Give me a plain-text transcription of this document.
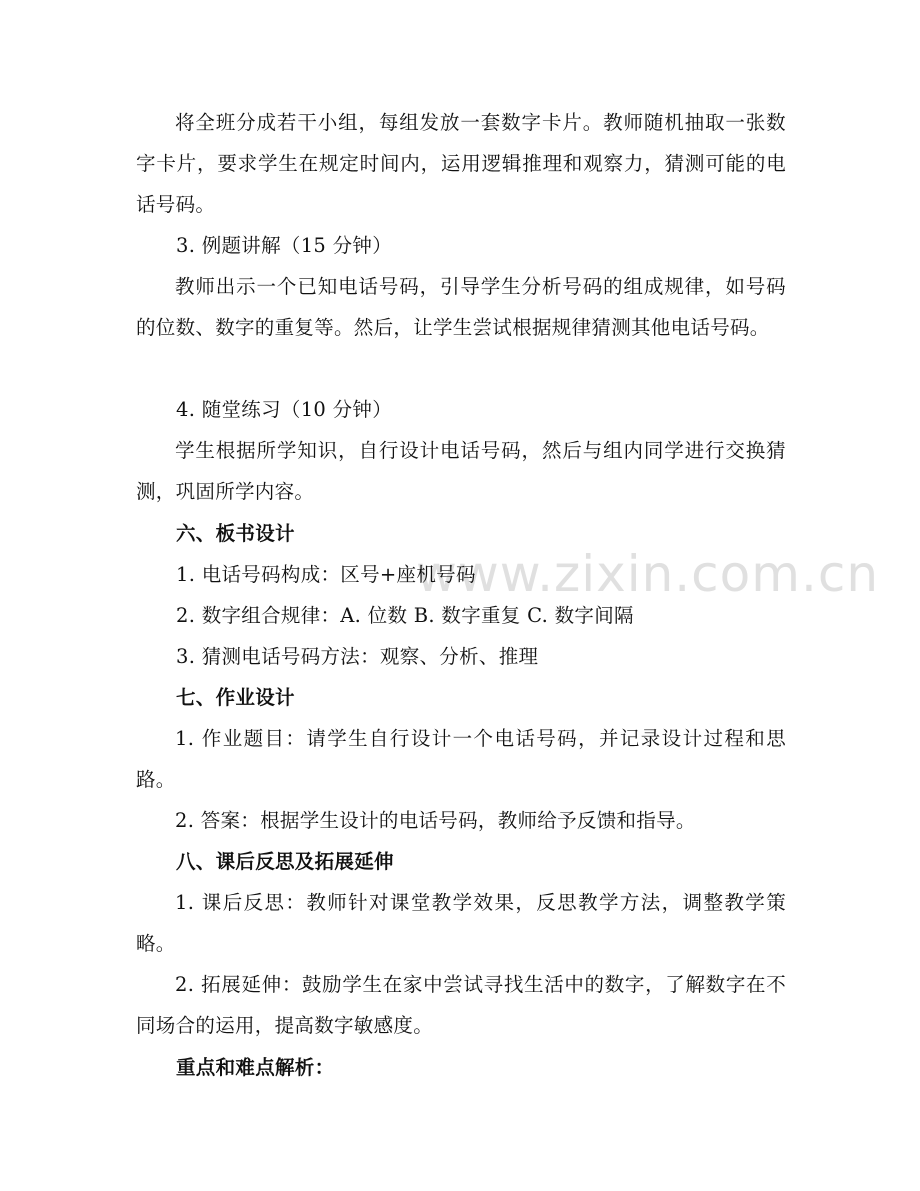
www.zixin.com.cn

将全班分成若干小组，每组发放一套数字卡片。教师随机抽取一张数字卡片，要求学生在规定时间内，运用逻辑推理和观察力，猜测可能的电话号码。

3. 例题讲解（15 分钟）

教师出示一个已知电话号码，引导学生分析号码的组成规律，如号码的位数、数字的重复等。然后，让学生尝试根据规律猜测其他电话号码。

4. 随堂练习（10 分钟）

学生根据所学知识，自行设计电话号码，然后与组内同学进行交换猜测，巩固所学内容。

六、板书设计

1. 电话号码构成：区号+座机号码

2. 数字组合规律：A. 位数 B. 数字重复 C. 数字间隔

3. 猜测电话号码方法：观察、分析、推理

七、作业设计

1. 作业题目：请学生自行设计一个电话号码，并记录设计过程和思路。

2. 答案：根据学生设计的电话号码，教师给予反馈和指导。

八、课后反思及拓展延伸

1. 课后反思：教师针对课堂教学效果，反思教学方法，调整教学策略。

2. 拓展延伸：鼓励学生在家中尝试寻找生活中的数字，了解数字在不同场合的运用，提高数字敏感度。

重点和难点解析：
